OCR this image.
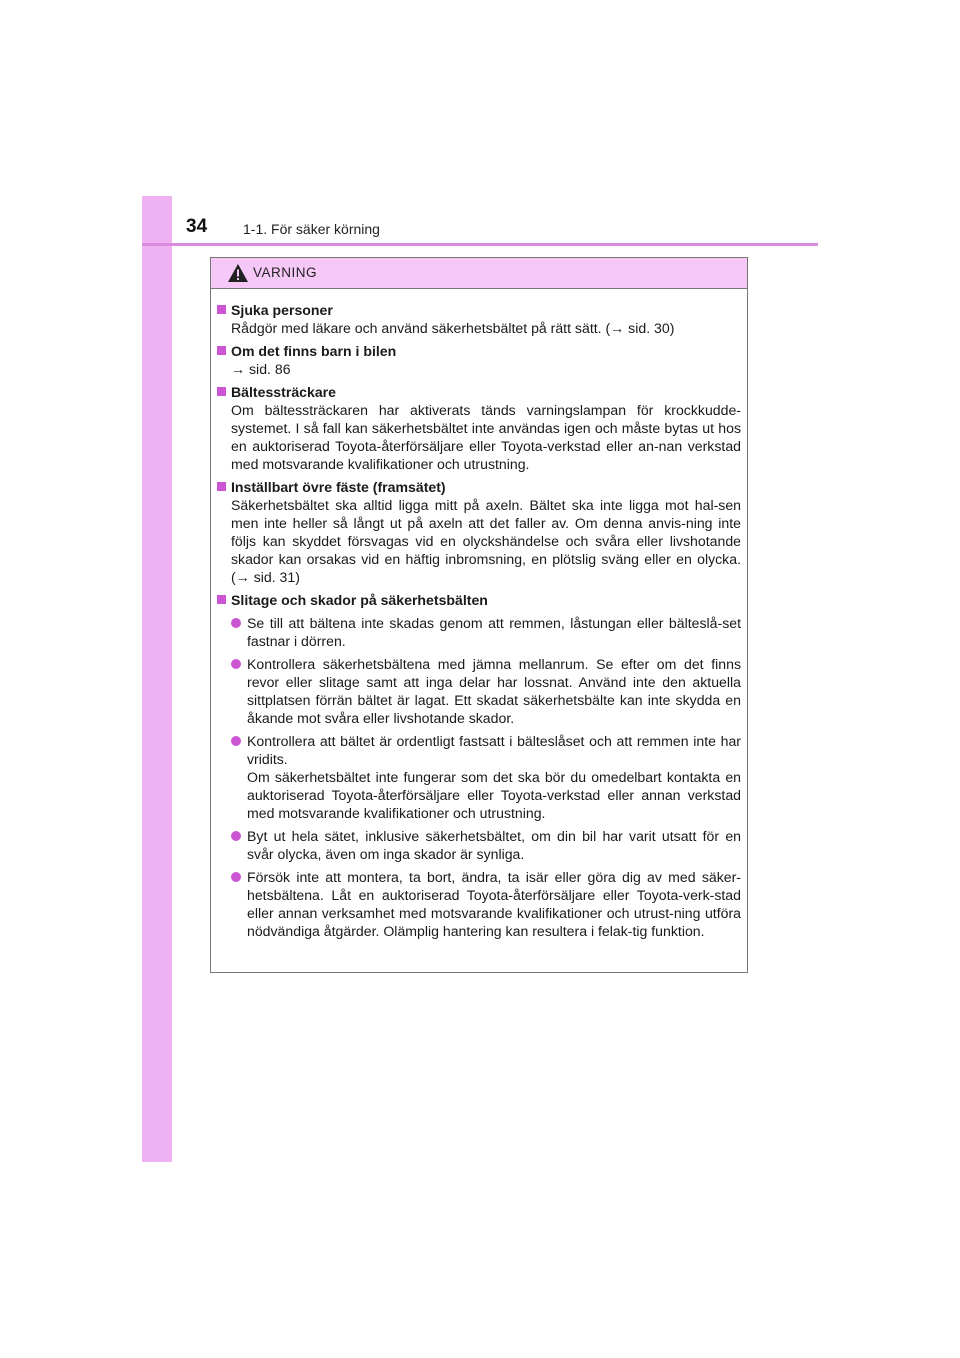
34	1-1. För säker körning
VARNING
Sjuka personer
Rådgör med läkare och använd säkerhetsbältet på rätt sätt. (→ sid. 30)
Om det finns barn i bilen
→ sid. 86
Bältessträckare
Om bältessträckaren har aktiverats tänds varningslampan för krockkudde-systemet. I så fall kan säkerhetsbältet inte användas igen och måste bytas ut hos en auktoriserad Toyota-återförsäljare eller Toyota-verkstad eller an-nan verkstad med motsvarande kvalifikationer och utrustning.
Inställbart övre fäste (framsätet)
Säkerhetsbältet ska alltid ligga mitt på axeln. Bältet ska inte ligga mot hal-sen men inte heller så långt ut på axeln att det faller av. Om denna anvis-ning inte följs kan skyddet försvagas vid en olyckshändelse och svåra eller livshotande skador kan orsakas vid en häftig inbromsning, en plötslig sväng eller en olycka. (→ sid. 31)
Slitage och skador på säkerhetsbälten
Se till att bältena inte skadas genom att remmen, låstungan eller bälteslå-set fastnar i dörren.
Kontrollera säkerhetsbältena med jämna mellanrum. Se efter om det finns revor eller slitage samt att inga delar har lossnat. Använd inte den aktuella sittplatsen förrän bältet är lagat. Ett skadat säkerhetsbälte kan inte skydda en åkande mot svåra eller livshotande skador.

Kontrollera att bältet är ordentligt fastsatt i bälteslåset och att remmen inte har vridits.

Om säkerhetsbältet inte fungerar som det ska bör du omedelbart kontakta en auktoriserad Toyota-återförsäljare eller Toyota-verkstad eller annan verkstad med motsvarande kvalifikationer och utrustning.

Byt ut hela sätet, inklusive säkerhetsbältet, om din bil har varit utsatt för en svår olycka, även om inga skador är synliga.
Försök inte att montera, ta bort, ändra, ta isär eller göra dig av med säker-hetsbältena. Låt en auktoriserad Toyota-återförsäljare eller Toyota-verk-stad eller annan verksamhet med motsvarande kvalifikationer och utrust-ning utföra nödvändiga åtgärder. Olämplig hantering kan resultera i felak-tig funktion.
